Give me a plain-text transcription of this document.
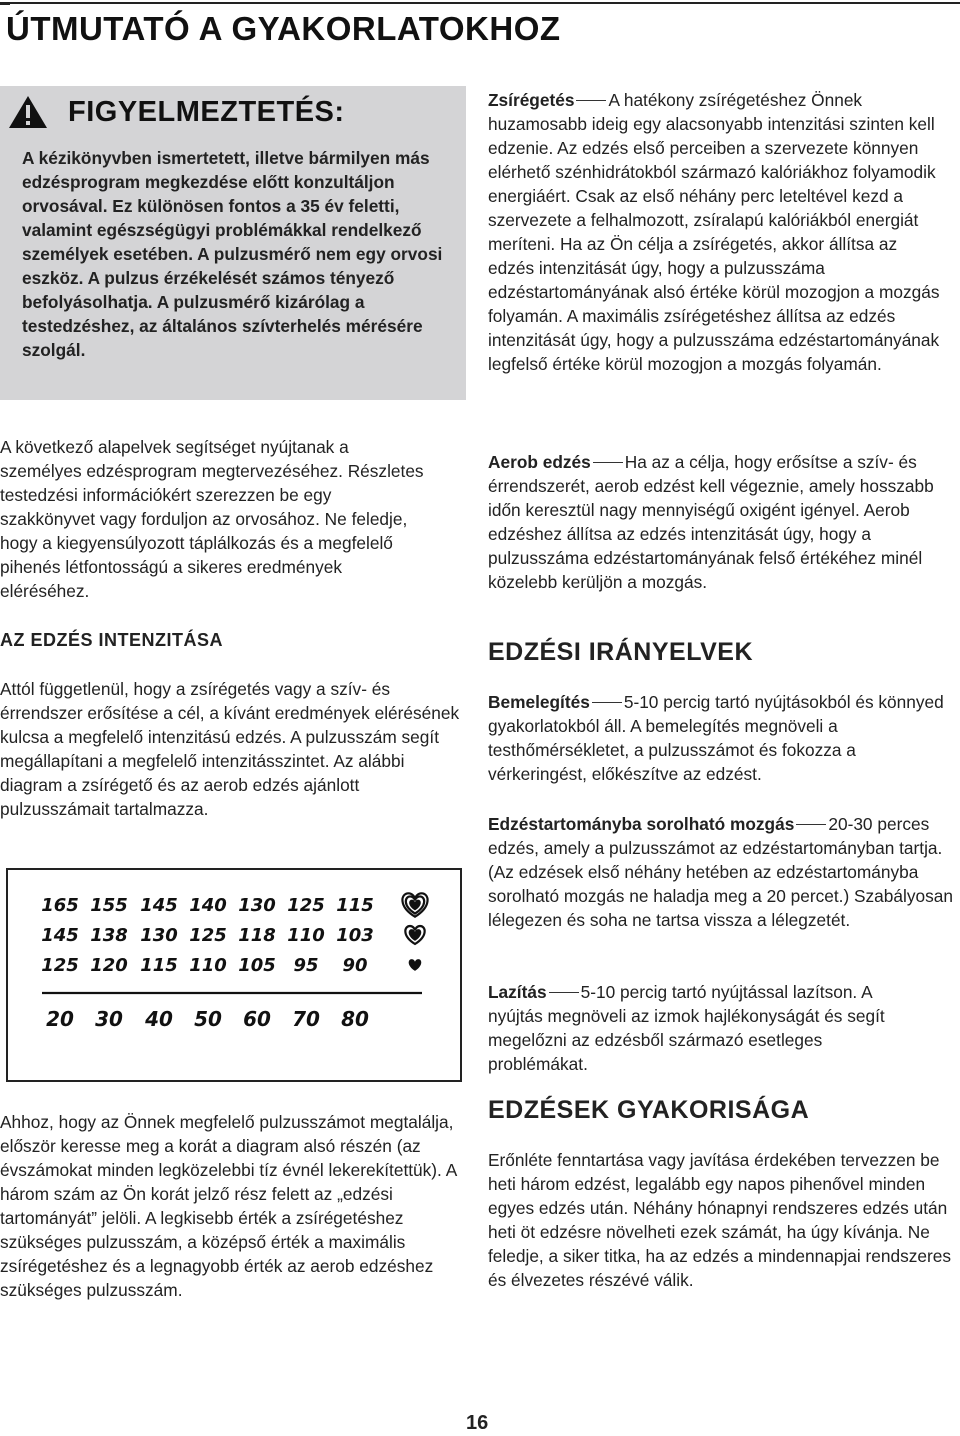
ÚTMUTATÓ A GYAKORLATOKHOZ
FIGYELMEZTETÉS:

A kézikönyvben ismertetett, illetve bármilyen más edzésprogram megkezdése előtt konzultáljon orvosával. Ez különösen fontos a 35 év feletti, valamint egészségügyi problémákkal rendelkező személyek esetében. A pulzusmérő nem egy orvosi eszköz. A pulzus érzékelését számos tényező befolyásolhatja. A pulzusmérő kizárólag a testedzéshez, az általános szívterhelés mérésére szolgál.

A következő alapelvek segítséget nyújtanak a személyes edzésprogram megtervezéséhez. Részletes testedzési információkért szerezzen be egy szakkönyvet vagy forduljon az orvosához. Ne feledje, hogy a kiegyensúlyozott táplálkozás és a megfelelő pihenés létfontosságú a sikeres eredmények eléréséhez.

AZ EDZÉS INTENZITÁSA

Attól függetlenül, hogy a zsírégetés vagy a szív- és érrendszer erősítése a cél, a kívánt eredmények elérésének kulcsa a megfelelő intenzitású edzés. A pulzusszám segít megállapítani a megfelelő intenzitásszintet. Az alábbi diagram a zsírégető és az aerob edzés ajánlott pulzusszámait tartalmazza.

165 155 145 140 130 125 115
145 138 130 125 118 110 103
125 120 115 110 105 95 90
20 30 40 50 60 70 80

Ahhoz, hogy az Önnek megfelelő pulzusszámot megtalálja, először keresse meg a korát a diagram alsó részén (az évszámokat minden legközelebbi tíz évnél lekerekítettük). A három szám az Ön korát jelző rész felett az „edzési tartományát” jelöli. A legkisebb érték a zsírégetéshez szükséges pulzusszám, a középső érték a maximális zsírégetéshez és a legnagyobb érték az aerob edzéshez szükséges pulzusszám.

Zsírégetés A hatékony zsírégetéshez Önnek huzamosabb ideig egy alacsonyabb intenzitási szinten kell edzenie. Az edzés első perceiben a szervezete könnyen elérhető szénhidrátokból származó kalóriákhoz folyamodik energiáért. Csak az első néhány perc leteltével kezd a szervezete a felhalmozott, zsíralapú kalóriákból energiát meríteni. Ha az Ön célja a zsírégetés, akkor állítsa az edzés intenzitását úgy, hogy a pulzusszáma edzéstartományának alsó értéke körül mozogjon a mozgás folyamán. A maximális zsírégetéshez állítsa az edzés intenzitását úgy, hogy a pulzusszáma edzéstartományának legfelső értéke körül mozogjon a mozgás folyamán.

Aerob edzés Ha az a célja, hogy erősítse a szív- és érrendszerét, aerob edzést kell végeznie, amely hosszabb időn keresztül nagy mennyiségű oxigént igényel. Aerob edzéshez állítsa az edzés intenzitását úgy, hogy a pulzusszáma edzéstartományának felső értékéhez minél közelebb kerüljön a mozgás.

EDZÉSI IRÁNYELVEK

Bemelegítés 5-10 percig tartó nyújtásokból és könnyed gyakorlatokból áll. A bemelegítés megnöveli a testhőmérsékletet, a pulzusszámot és fokozza a vérkeringést, előkészítve az edzést.

Edzéstartományba sorolható mozgás 20-30 perces edzés, amely a pulzusszámot az edzéstartományban tartja. (Az edzések első néhány hetében az edzéstartományba sorolható mozgás ne haladja meg a 20 percet.) Szabályosan lélegezen és soha ne tartsa vissza a lélegzetét.

Lazítás 5-10 percig tartó nyújtással lazítson. A nyújtás megnöveli az izmok hajlékonyságát és segít megelőzni az edzésből származó esetleges problémákat.

EDZÉSEK GYAKORISÁGA

Erőnléte fenntartása vagy javítása érdekében tervezzen be heti három edzést, legalább egy napos pihenővel minden egyes edzés után. Néhány hónapnyi rendszeres edzés után heti öt edzésre növelheti ezek számát, ha úgy kívánja. Ne feledje, a siker titka, ha az edzés a mindennapjai rendszeres és élvezetes részévé válik.

16
